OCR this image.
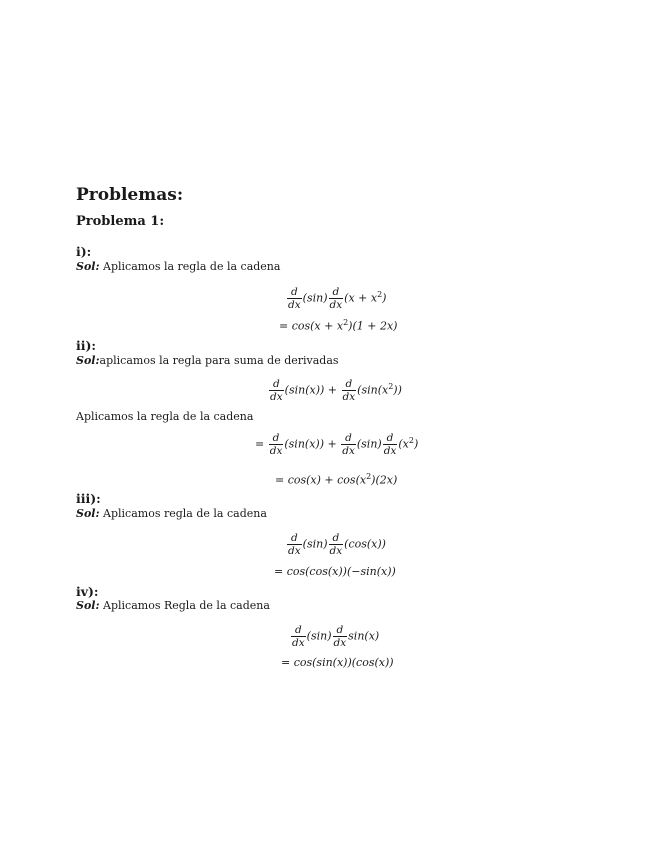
Problemas:
Problema 1:
i):
Sol: Aplicamos la regla de la cadena
$\frac{d}{dx} (\sin) \frac{d}{dx} (x + x^2)$
= $\cos(x + x^2)(1 + 2x)$
ii):
Sol:aplicamos la regla para suma de derivadas
$\frac{d}{dx} (\sin(x)) + \frac{d}{dx} (\sin(x^2))$
Aplicamos la regla de la cadena
= $\frac{d}{dx} (\sin(x)) + \frac{d}{dx} (\sin) \frac{d}{dx} (x^2)$
= $\cos(x) + \cos(x^2)(2x)$
iii):
Sol: Aplicamos regla de la cadena
$\frac{d}{dx} (\sin) \frac{d}{dx} (\cos(x))$
= cos(cos(x))(−sin(x))
iv):
Sol: Aplicamos Regla de la cadena
$\frac{d}{dx} (\sin) \frac{d}{dx} \sin(x)$
= cos(sin(x))(cos(x))
